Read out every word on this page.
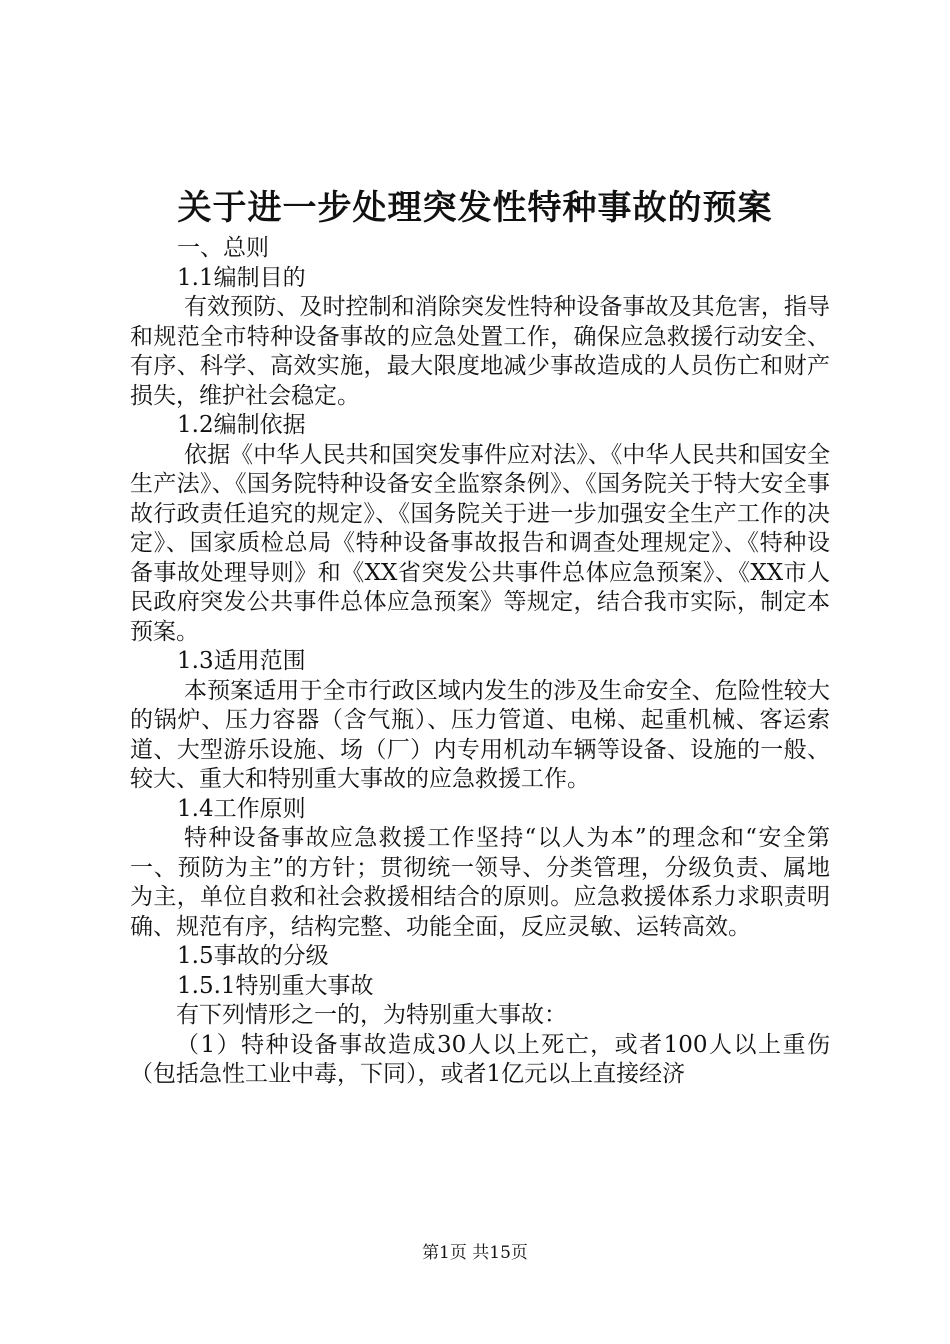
关于进一步处理突发性特种事故的预案

一、总则

1.1编制目的

有效预防、及时控制和消除突发性特种设备事故及其危害，指导和规范全市特种设备事故的应急处置工作，确保应急救援行动安全、有序、科学、高效实施，最大限度地减少事故造成的人员伤亡和财产损失，维护社会稳定。

1.2编制依据

依据《中华人民共和国突发事件应对法》、《中华人民共和国安全生产法》、《国务院特种设备安全监察条例》、《国务院关于特大安全事故行政责任追究的规定》、《国务院关于进一步加强安全生产工作的决定》、国家质检总局《特种设备事故报告和调查处理规定》、《特种设备事故处理导则》和《XX省突发公共事件总体应急预案》、《XX市人民政府突发公共事件总体应急预案》等规定，结合我市实际，制定本预案。

1.3适用范围

本预案适用于全市行政区域内发生的涉及生命安全、危险性较大的锅炉、压力容器（含气瓶）、压力管道、电梯、起重机械、客运索道、大型游乐设施、场（厂）内专用机动车辆等设备、设施的一般、较大、重大和特别重大事故的应急救援工作。

1.4工作原则

特种设备事故应急救援工作坚持“以人为本”的理念和“安全第一、预防为主”的方针；贯彻统一领导、分类管理，分级负责、属地为主，单位自救和社会救援相结合的原则。应急救援体系力求职责明确、规范有序，结构完整、功能全面，反应灵敏、运转高效。

1.5事故的分级

1.5.1特别重大事故

有下列情形之一的，为特别重大事故：

（1）特种设备事故造成30人以上死亡，或者100人以上重伤（包括急性工业中毒，下同），或者1亿元以上直接经济

第1页 共15页
